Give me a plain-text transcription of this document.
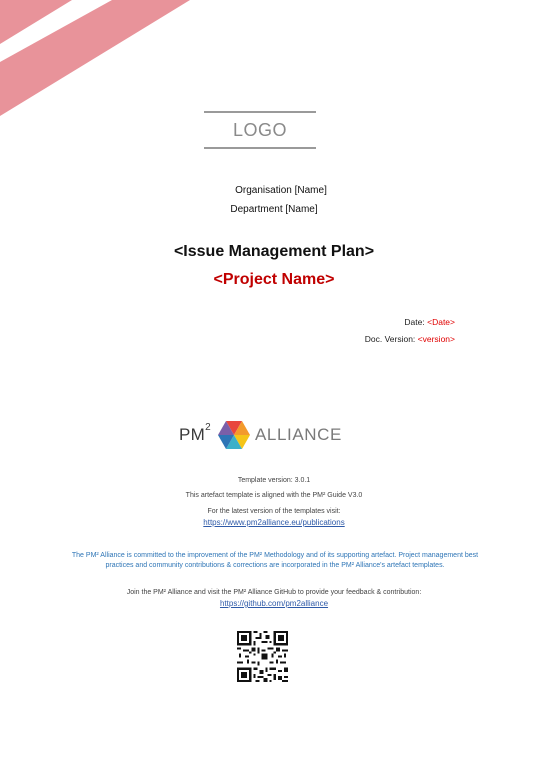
LOGO
Organisation [Name]
Department [Name]
<Issue Management Plan>
<Project Name>
Date: <Date>
Doc. Version: <version>
$PM^2$	ALLIANCE
Template version: 3.0.1
This artefact template is aligned with the PM² Guide V3.0
For the latest version of the templates visit:
https://www.pm2alliance.eu/publications
The PM² Alliance is committed to the improvement of the PM² Methodology and of its supporting artefact. Project management best practices and community contributions & corrections are incorporated in the PM² Alliance's artefact templates.
Join the PM² Alliance and visit the PM² Alliance GitHub to provide your feedback & contribution:
https://github.com/pm2alliance
